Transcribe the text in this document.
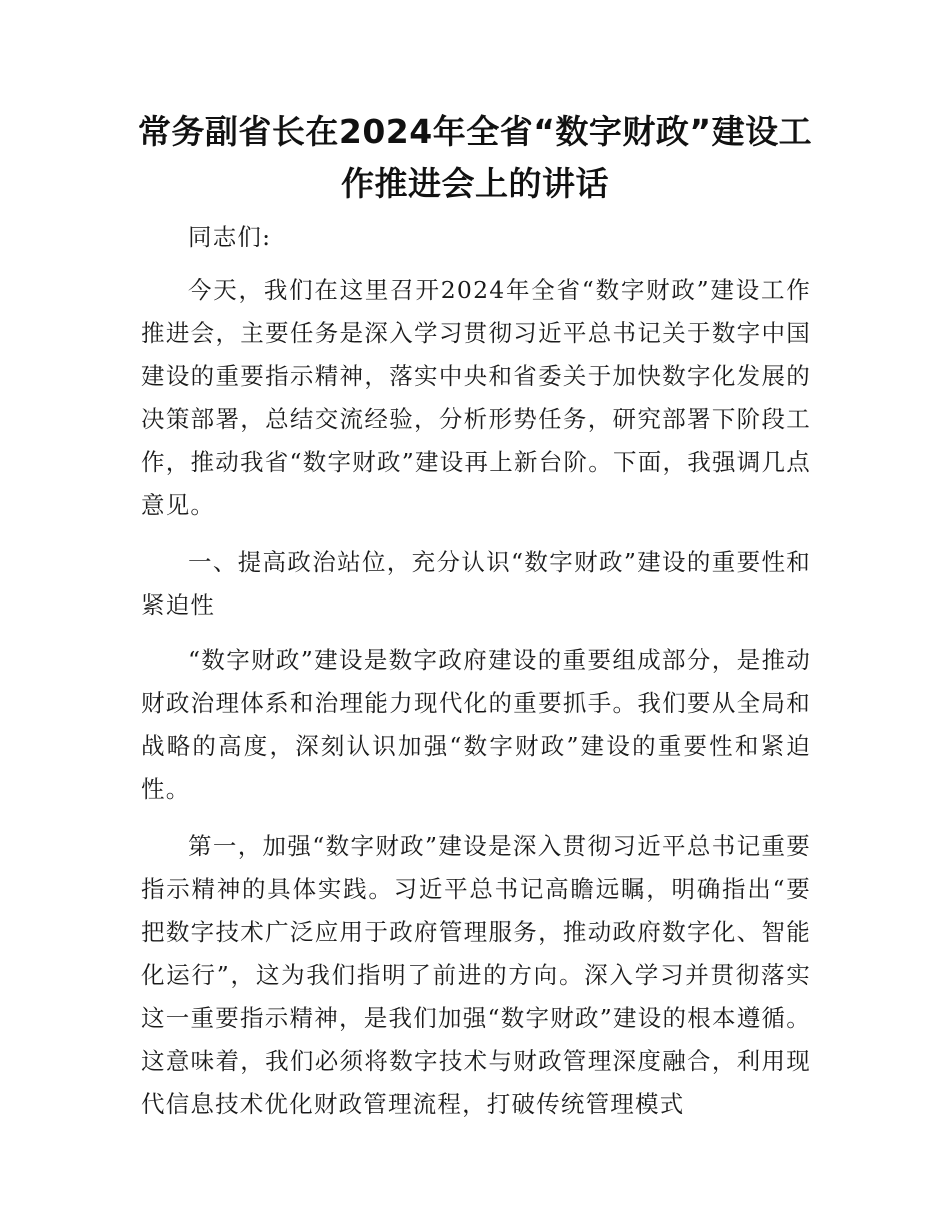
常务副省长在2024年全省“数字财政”建设工作推进会上的讲话

同志们:

今天，我们在这里召开2024年全省“数字财政”建设工作推进会，主要任务是深入学习贯彻习近平总书记关于数字中国建设的重要指示精神，落实中央和省委关于加快数字化发展的决策部署，总结交流经验，分析形势任务，研究部署下阶段工作，推动我省“数字财政”建设再上新台阶。下面，我强调几点意见。

一、提高政治站位，充分认识“数字财政”建设的重要性和紧迫性

“数字财政”建设是数字政府建设的重要组成部分，是推动财政治理体系和治理能力现代化的重要抓手。我们要从全局和战略的高度，深刻认识加强“数字财政”建设的重要性和紧迫性。

第一，加强“数字财政”建设是深入贯彻习近平总书记重要指示精神的具体实践。习近平总书记高瞻远瞩，明确指出“要把数字技术广泛应用于政府管理服务，推动政府数字化、智能化运行”，这为我们指明了前进的方向。深入学习并贯彻落实这一重要指示精神，是我们加强“数字财政”建设的根本遵循。这意味着，我们必须将数字技术与财政管理深度融合，利用现代信息技术优化财政管理流程，打破传统管理模式
